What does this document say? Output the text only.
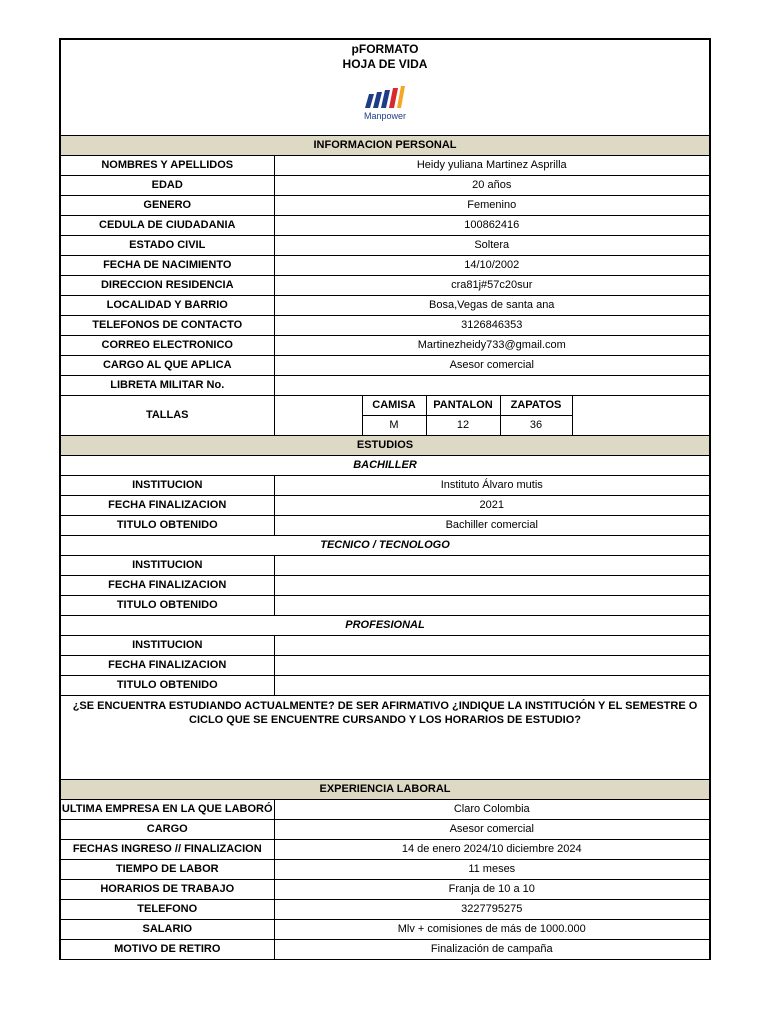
pFORMATO
HOJA DE VIDA
Manpower					

INFORMACION PERSONAL					
NOMBRES Y APELLIDOS	Heidy yuliana Martinez Asprilla				
EDAD	20 años				
GENERO	Femenino				
CEDULA DE CIUDADANIA	100862416				
ESTADO CIVIL	Soltera				
FECHA DE NACIMIENTO	14/10/2002				
DIRECCION RESIDENCIA	cra81j#57c20sur				
LOCALIDAD Y BARRIO	Bosa,Vegas de santa ana				
TELEFONOS DE CONTACTO	3126846353				
CORREO ELECTRONICO	Martinezheidy733@gmail.com				
CARGO AL QUE APLICA	Asesor comercial				
LIBRETA MILITAR No.					
TALLAS		CAMISA	PANTALON	ZAPATOS	
		M	12	36	
ESTUDIOS					
BACHILLER					
INSTITUCION	Instituto Álvaro mutis				
FECHA FINALIZACION	2021				
TITULO OBTENIDO	Bachiller comercial				
TECNICO / TECNOLOGO					
INSTITUCION					
FECHA FINALIZACION					
TITULO OBTENIDO					
PROFESIONAL					
INSTITUCION					
FECHA FINALIZACION					
TITULO OBTENIDO					
¿SE ENCUENTRA ESTUDIANDO ACTUALMENTE? DE SER AFIRMATIVO ¿INDIQUE LA INSTITUCIÓN Y EL SEMESTRE O CICLO QUE SE ENCUENTRE CURSANDO Y LOS HORARIOS DE ESTUDIO?					
EXPERIENCIA LABORAL					
ULTIMA EMPRESA EN LA QUE LABORÓ	Claro Colombia				
CARGO	Asesor comercial				
FECHAS INGRESO // FINALIZACION	14 de enero 2024/10 diciembre 2024				
TIEMPO DE LABOR	11 meses				
HORARIOS DE TRABAJO	Franja de 10 a 10				
TELEFONO	3227795275				
SALARIO	Mlv + comisiones de más de 1000.000				
MOTIVO DE RETIRO	Finalización de campaña				
